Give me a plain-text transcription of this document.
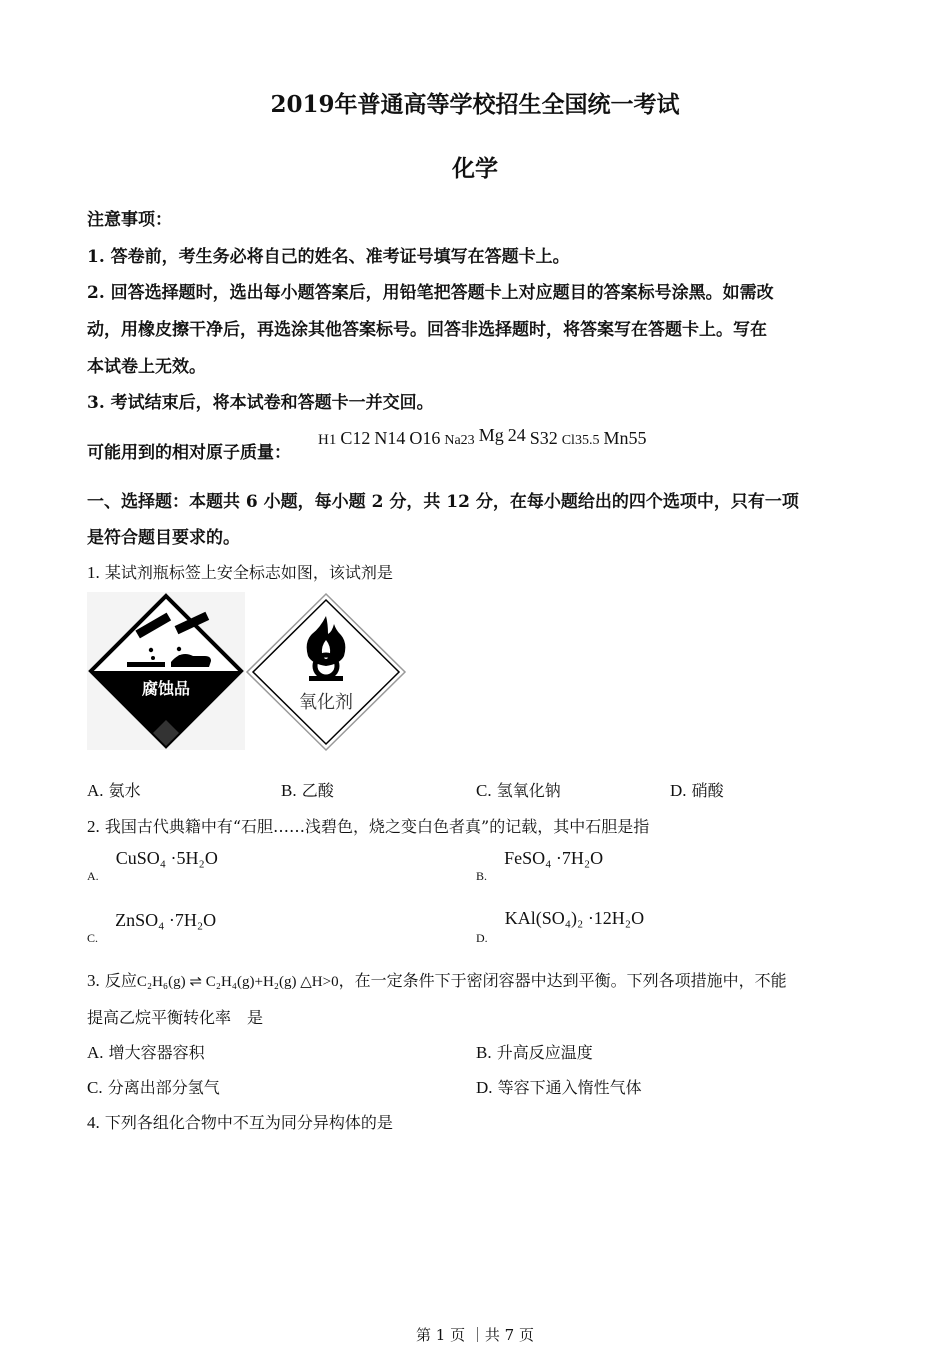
2019年普通高等学校招生全国统一考试
化学
注意事项：
1. 答卷前，考生务必将自己的姓名、准考证号填写在答题卡上。
2. 回答选择题时，选出每小题答案后，用铅笔把答题卡上对应题目的答案标号涂黑。如需改
动，用橡皮擦干净后，再选涂其他答案标号。回答非选择题时，将答案写在答题卡上。写在
本试卷上无效。
3. 考试结束后，将本试卷和答题卡一并交回。
可能用到的相对原子质量：
H1 C12 N14 O16 Na23 Mg 24 S32 Cl35.5 Mn55
一、选择题：本题共 6 小题，每小题 2 分，共 12 分，在每小题给出的四个选项中，只有一项
是符合题目要求的。
1. 某试剂瓶标签上安全标志如图，该试剂是
腐蚀品
氧化剂
A. 氨水	B. 乙酸	C. 氢氧化钠	D. 硝酸
2. 我国古代典籍中有“石胆……浅碧色，烧之变白色者真”的记载，其中石胆是指
$_{A.}$ CuSO₄ ·5H₂O
$_{B.}$ FeSO₄ ·7H₂O
$_{C.}$ ZnSO₄ ·7H₂O
$_{D.}$ KAl(SO₄)₂ ·12H₂O
3. 反应C₂H₆(g) ⇌ C₂H₄(g)+H₂(g) △H>0，在一定条件下于密闭容器中达到平衡。下列各项措施中，不能
提高乙烷平衡转化率　是
A. 增大容器容积	B. 升高反应温度
C. 分离出部分氢气	D. 等容下通入惰性气体
4. 下列各组化合物中不互为同分异构体的是
第 1 页 ｜共 7 页
